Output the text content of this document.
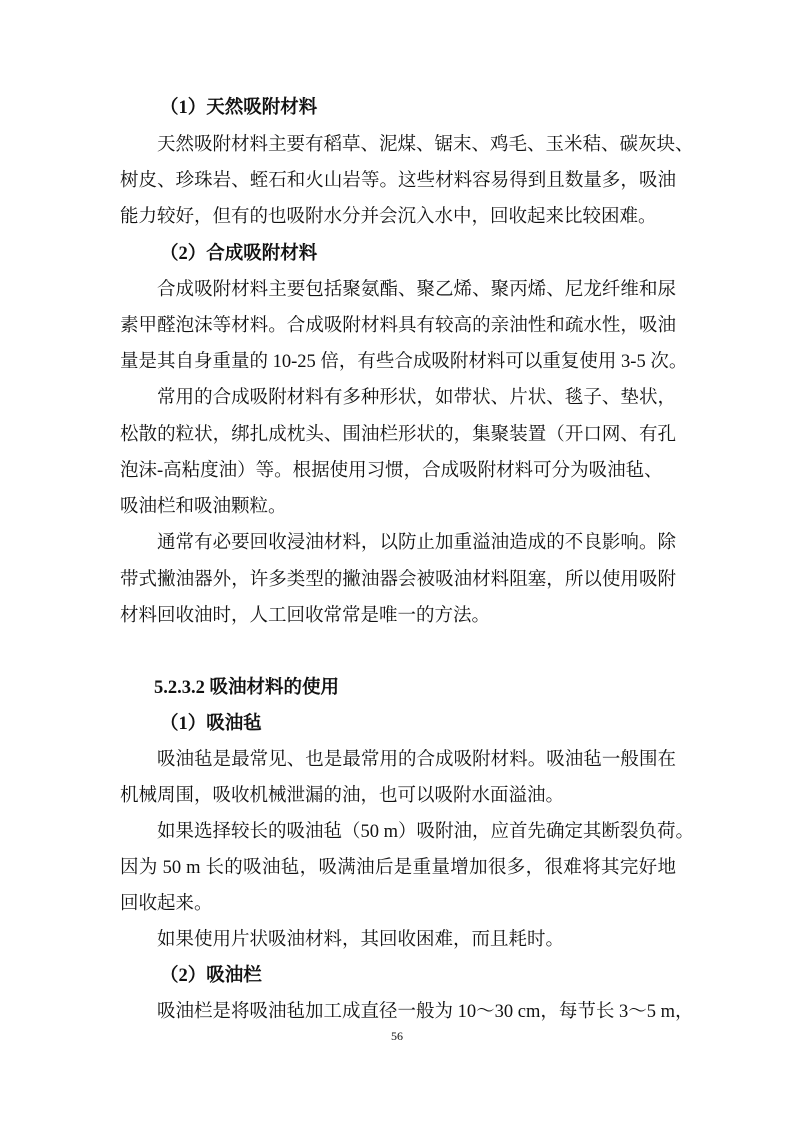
（1）天然吸附材料
天然吸附材料主要有稻草、泥煤、锯末、鸡毛、玉米秸、碳灰块、
树皮、珍珠岩、蛭石和火山岩等。这些材料容易得到且数量多，吸油
能力较好，但有的也吸附水分并会沉入水中，回收起来比较困难。
（2）合成吸附材料
合成吸附材料主要包括聚氨酯、聚乙烯、聚丙烯、尼龙纤维和尿
素甲醛泡沫等材料。合成吸附材料具有较高的亲油性和疏水性，吸油
量是其自身重量的 10-25 倍，有些合成吸附材料可以重复使用 3-5 次。
常用的合成吸附材料有多种形状，如带状、片状、毯子、垫状，
松散的粒状，绑扎成枕头、围油栏形状的，集聚装置（开口网、有孔
泡沫-高粘度油）等。根据使用习惯，合成吸附材料可分为吸油毡、
吸油栏和吸油颗粒。
通常有必要回收浸油材料，以防止加重溢油造成的不良影响。除
带式撇油器外，许多类型的撇油器会被吸油材料阻塞，所以使用吸附
材料回收油时，人工回收常常是唯一的方法。
5.2.3.2 吸油材料的使用
（1）吸油毡
吸油毡是最常见、也是最常用的合成吸附材料。吸油毡一般围在
机械周围，吸收机械泄漏的油，也可以吸附水面溢油。
如果选择较长的吸油毡（50 m）吸附油，应首先确定其断裂负荷。
因为 50 m 长的吸油毡，吸满油后是重量增加很多，很难将其完好地
回收起来。
如果使用片状吸油材料，其回收困难，而且耗时。
（2）吸油栏
吸油栏是将吸油毡加工成直径一般为 10～30 cm，每节长 3～5 m，
56
